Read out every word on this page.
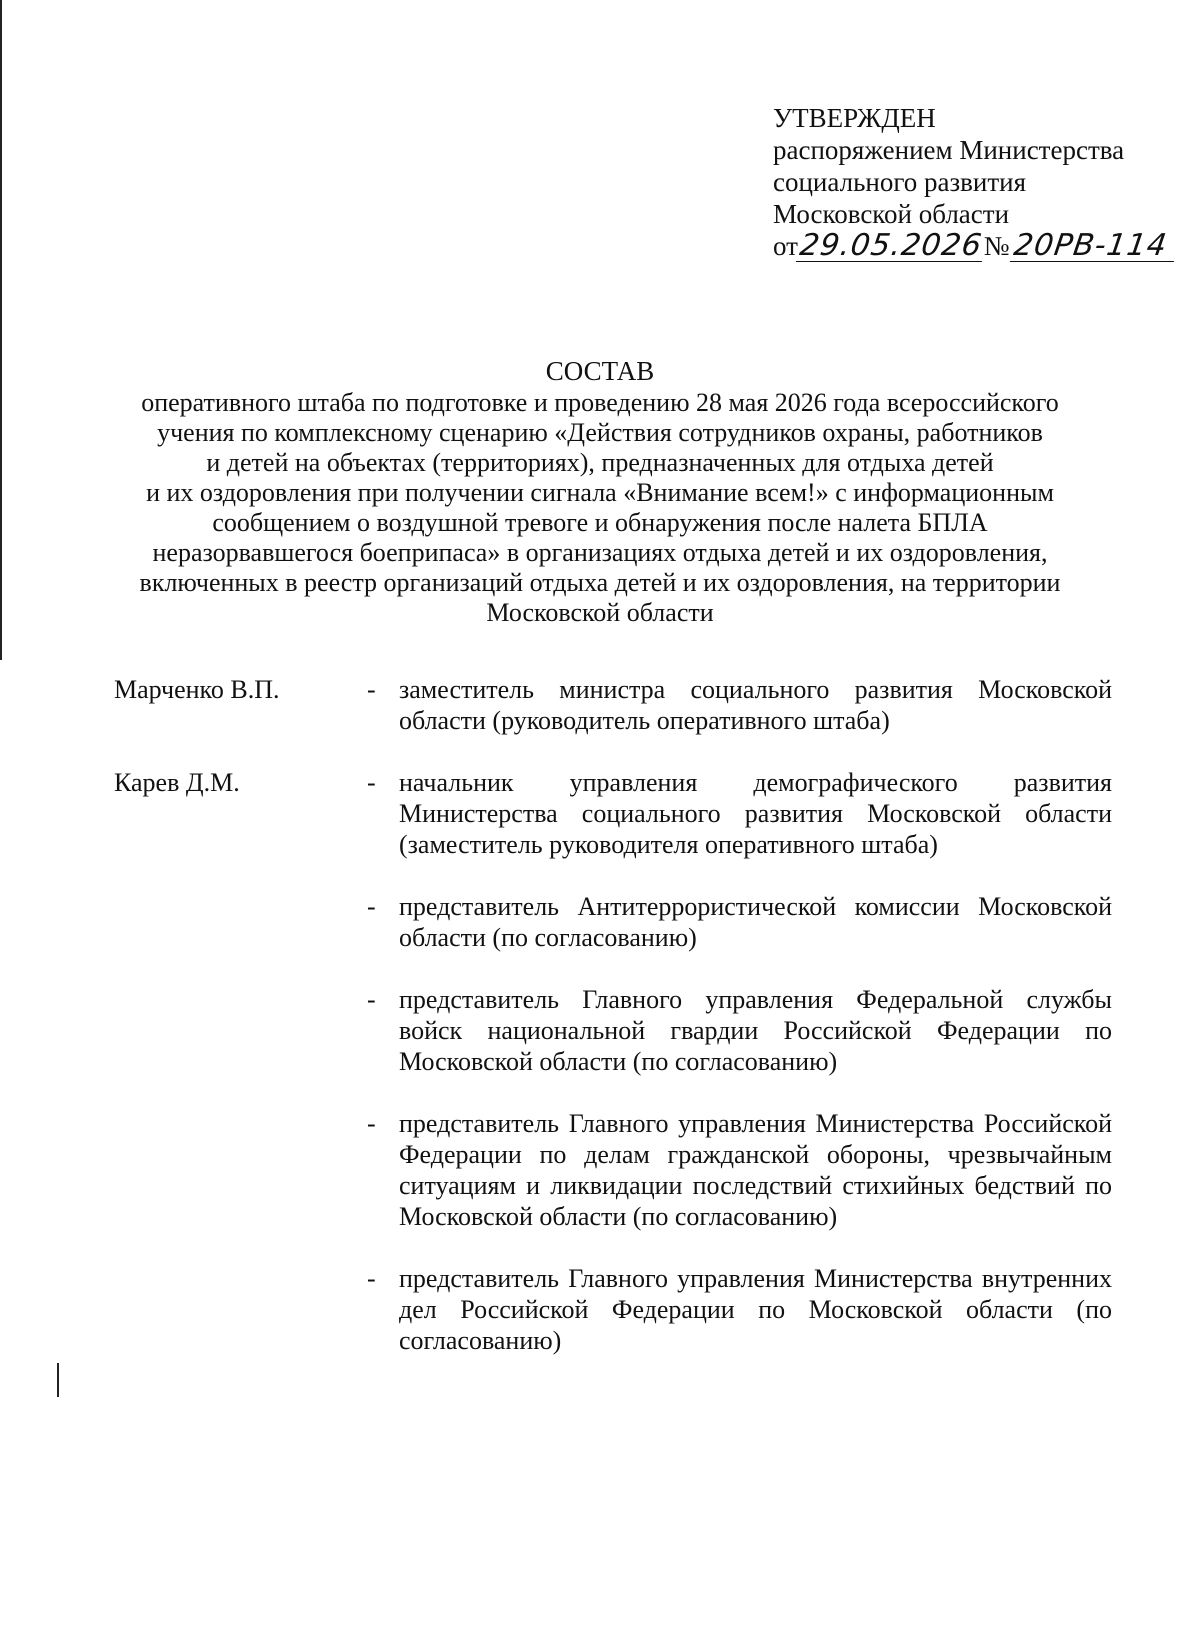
УТВЕРЖДЕН
распоряжением Министерства
социального развития
Московской области
от 29.05.2026 № 20РВ-114
СОСТАВ
оперативного штаба по подготовке и проведению 28 мая 2026 года всероссийского
учения по комплексному сценарию «Действия сотрудников охраны, работников
и детей на объектах (территориях), предназначенных для отдыха детей
и их оздоровления при получении сигнала «Внимание всем!» с информационным
сообщением о воздушной тревоге и обнаружения после налета БПЛА
неразорвавшегося боеприпаса» в организациях отдыха детей и их оздоровления,
включенных в реестр организаций отдыха детей и их оздоровления, на территории
Московской области
Марченко В.П.	- заместитель министра социального развития Московской области (руководитель оперативного штаба)
Карев Д.М.	- начальник управления демографического развития Министерства социального развития Московской области (заместитель руководителя оперативного штаба)
- представитель Антитеррористической комиссии Московской области (по согласованию)
- представитель Главного управления Федеральной службы войск национальной гвардии Российской Федерации по Московской области (по согласованию)
- представитель Главного управления Министерства Российской Федерации по делам гражданской обороны, чрезвычайным ситуациям и ликвидации последствий стихийных бедствий по Московской области (по согласованию)
- представитель Главного управления Министерства внутренних дел Российской Федерации по Московской области (по согласованию)
